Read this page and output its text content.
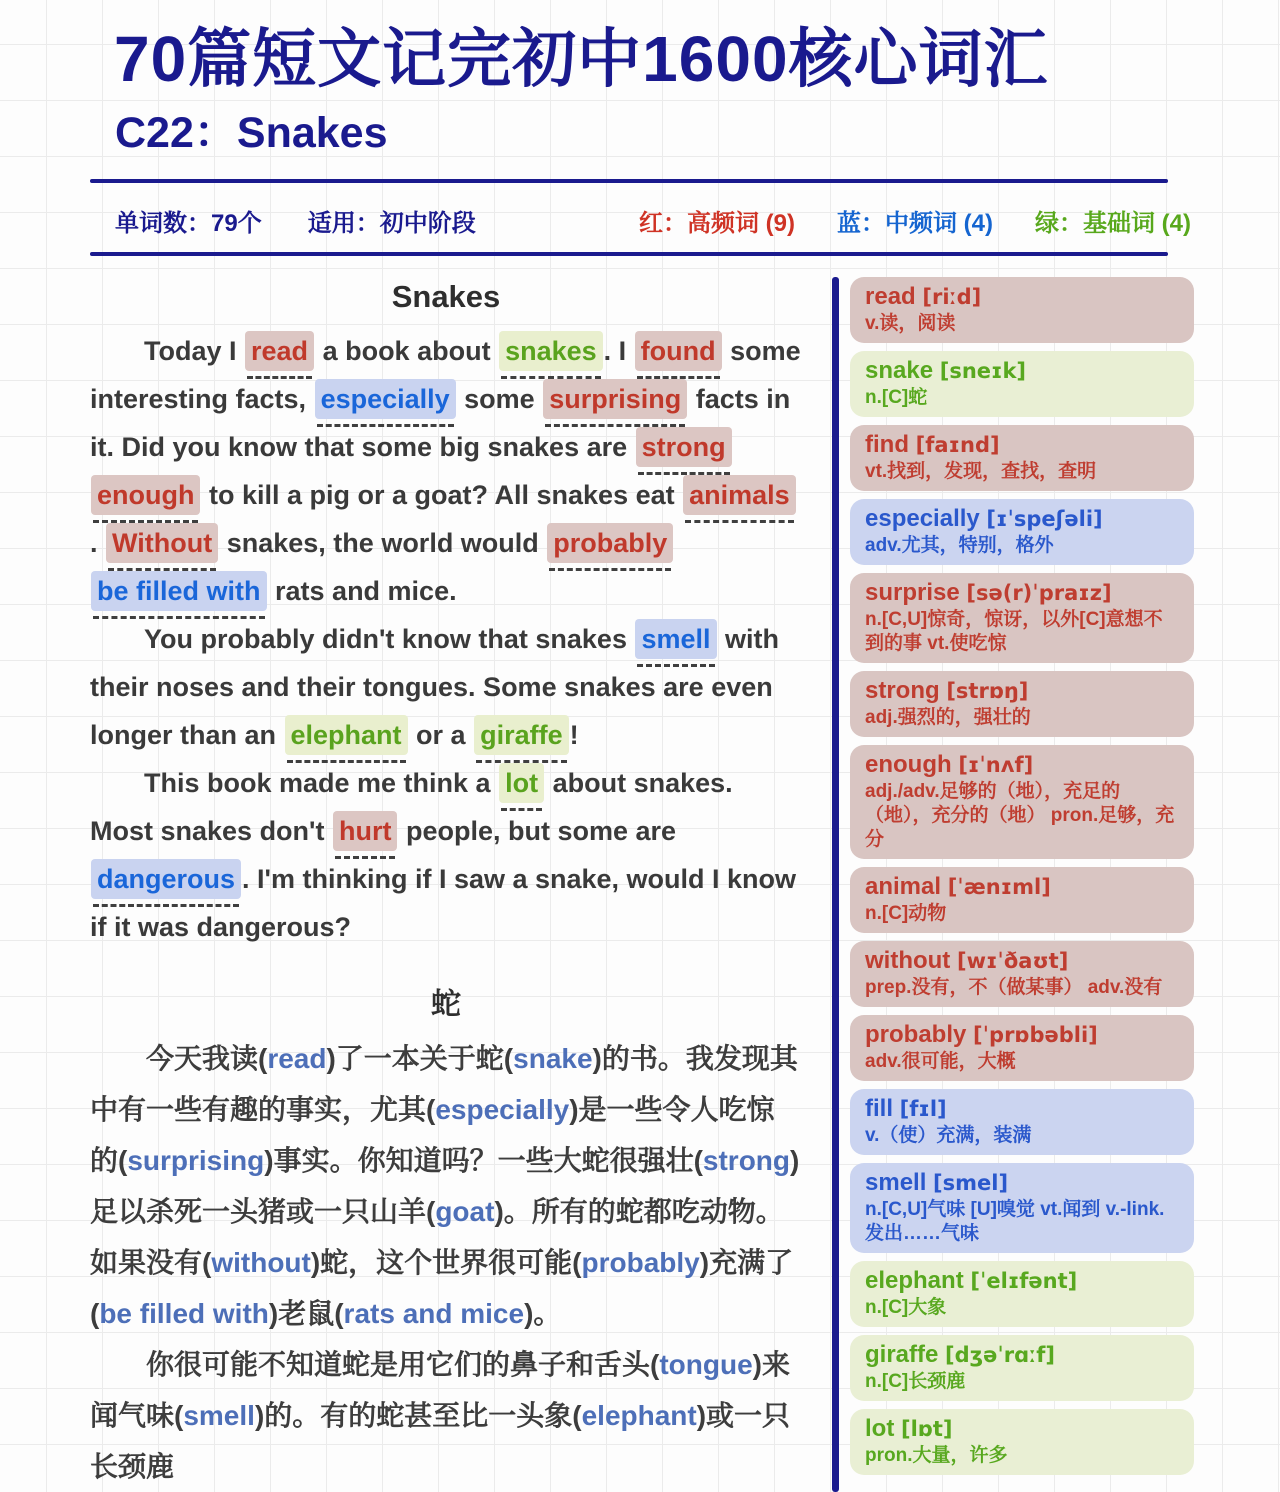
70篇短文记完初中1600核心词汇
C22：Snakes
单词数：79个 适用：初中阶段	红：高频词 (9) 蓝：中频词 (4) 绿：基础词 (4)
Snakes

Today I read a book about snakes . I found some interesting facts, especially some surprising facts in it. Did you know that some big snakes are strong enough to kill a pig or a goat? All snakes eat animals. Without snakes, the world would probably be filled with rats and mice.

You probably didn't know that snakes smell with their noses and their tongues. Some snakes are even longer than an elephant or a giraffe !

This book made me think a lot about snakes. Most snakes don't hurt people, but some are dangerous . I'm thinking if I saw a snake, would I know if it was dangerous?

蛇

今天我读(read)了一本关于蛇(snake)的书。我发现其中有一些有趣的事实，尤其(especially)是一些令人吃惊的(surprising)事实。你知道吗？一些大蛇很强壮(strong)足以杀死一头猪或一只山羊(goat)。所有的蛇都吃动物。如果没有(without)蛇，这个世界很可能(probably)充满了(be filled with)老鼠(rats and mice)。

你很可能不知道蛇是用它们的鼻子和舌头(tongue)来闻气味(smell)的。有的蛇甚至比一头象(elephant)或一只长颈鹿

read [riːd]
v.读，阅读
snake [sneɪk]
n.[C]蛇
find [faɪnd]
vt.找到，发现，查找，查明
especially [ɪˈspeʃəli]
adv.尤其，特别，格外
surprise [sə(r)ˈpraɪz]
n.[C,U]惊奇，惊讶，以外[C]意想不到的事 vt.使吃惊
strong [strɒŋ]
adj.强烈的，强壮的
enough [ɪˈnʌf]
adj./adv.足够的（地），充足的（地），充分的（地） pron.足够，充分
animal [ˈænɪml]
n.[C]动物
without [wɪˈðaʊt]
prep.没有，不（做某事） adv.没有
probably [ˈprɒbəbli]
adv.很可能，大概
fill [fɪl]
v.（使）充满，装满
smell [smel]
n.[C,U]气味 [U]嗅觉 vt.闻到 v.-link.发出……气味
elephant [ˈelɪfənt]
n.[C]大象
giraffe [dʒəˈrɑːf]
n.[C]长颈鹿
lot [lɒt]
pron.大量，许多
